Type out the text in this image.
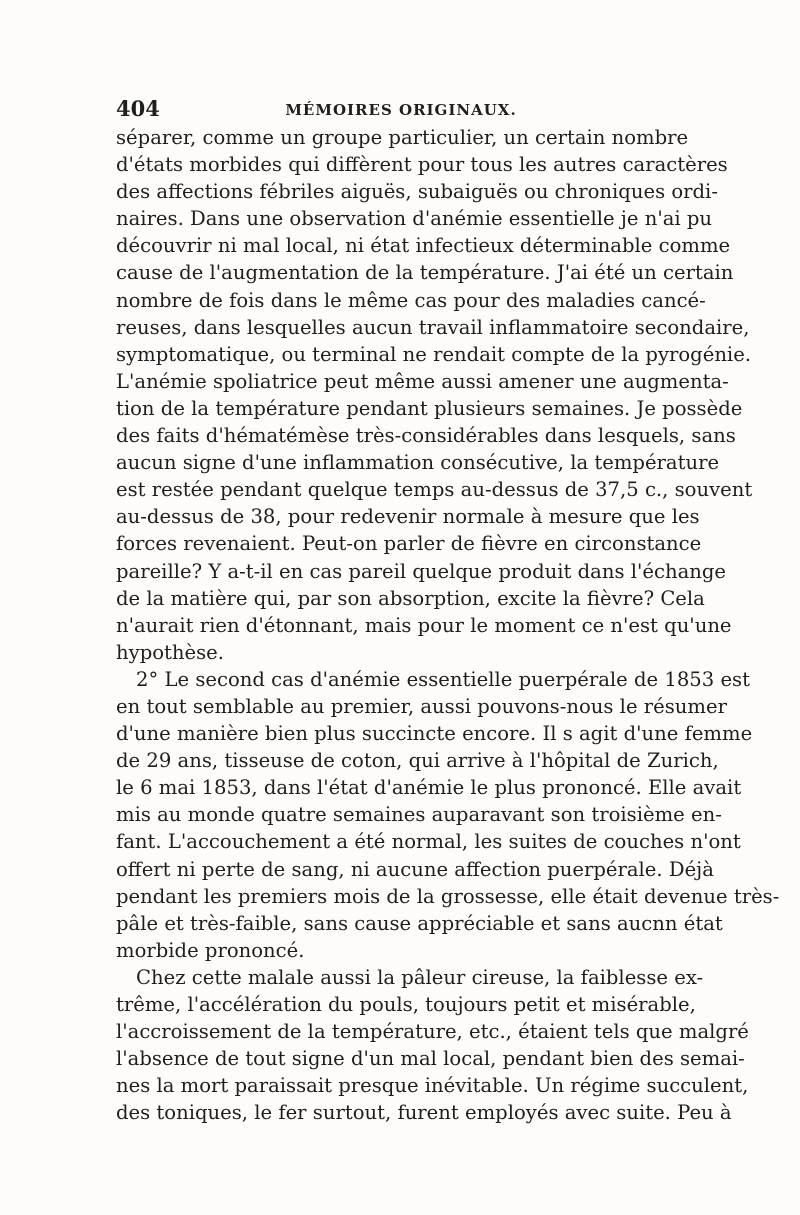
404	MÉMOIRES ORIGINAUX.
séparer, comme un groupe particulier, un certain nombre
d'états morbides qui diffèrent pour tous les autres caractères
des affections fébriles aiguës, subaiguës ou chroniques ordi-
naires. Dans une observation d'anémie essentielle je n'ai pu
découvrir ni mal local, ni état infectieux déterminable comme
cause de l'augmentation de la température. J'ai été un certain
nombre de fois dans le même cas pour des maladies cancé-
reuses, dans lesquelles aucun travail inflammatoire secondaire,
symptomatique, ou terminal ne rendait compte de la pyrogénie.
L'anémie spoliatrice peut même aussi amener une augmenta-
tion de la température pendant plusieurs semaines. Je possède
des faits d'hématémèse très-considérables dans lesquels, sans
aucun signe d'une inflammation consécutive, la température
est restée pendant quelque temps au-dessus de 37,5 c., souvent
au-dessus de 38, pour redevenir normale à mesure que les
forces revenaient. Peut-on parler de fièvre en circonstance
pareille? Y a-t-il en cas pareil quelque produit dans l'échange
de la matière qui, par son absorption, excite la fièvre? Cela
n'aurait rien d'étonnant, mais pour le moment ce n'est qu'une
hypothèse.
2° Le second cas d'anémie essentielle puerpérale de 1853 est
en tout semblable au premier, aussi pouvons-nous le résumer
d'une manière bien plus succincte encore. Il s agit d'une femme
de 29 ans, tisseuse de coton, qui arrive à l'hôpital de Zurich,
le 6 mai 1853, dans l'état d'anémie le plus prononcé. Elle avait
mis au monde quatre semaines auparavant son troisième en-
fant. L'accouchement a été normal, les suites de couches n'ont
offert ni perte de sang, ni aucune affection puerpérale. Déjà
pendant les premiers mois de la grossesse, elle était devenue très-
pâle et très-faible, sans cause appréciable et sans aucnn état
morbide prononcé.
Chez cette malale aussi la pâleur cireuse, la faiblesse ex-
trême, l'accélération du pouls, toujours petit et misérable,
l'accroissement de la température, etc., étaient tels que malgré
l'absence de tout signe d'un mal local, pendant bien des semai-
nes la mort paraissait presque inévitable. Un régime succulent,
des toniques, le fer surtout, furent employés avec suite. Peu à
